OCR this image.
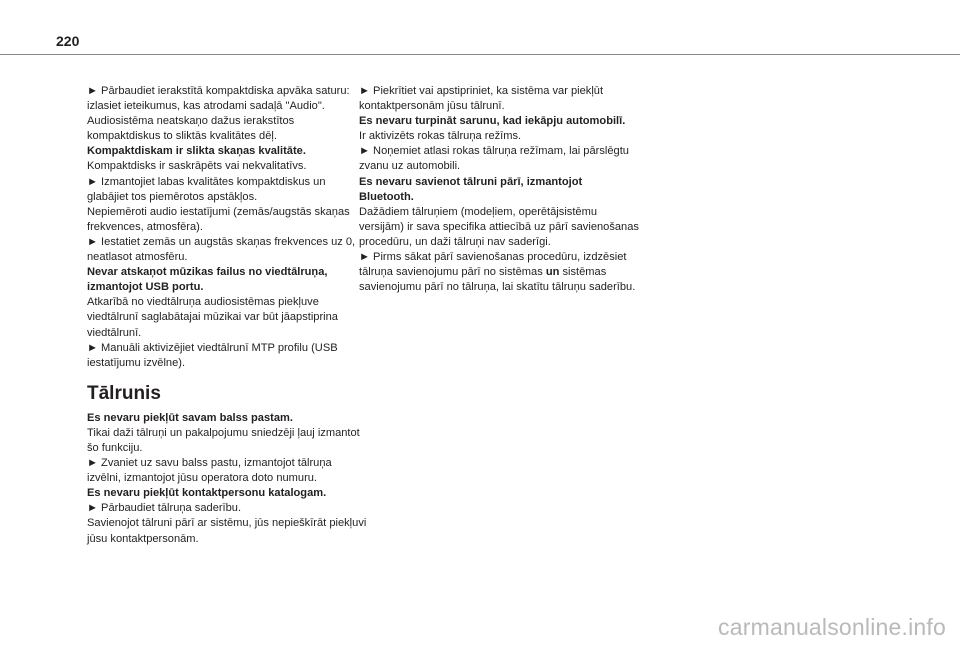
220

► Pārbaudiet ierakstītā kompaktdiska apvāka saturu: izlasiet ieteikumus, kas atrodami sadaļā "Audio".

Audiosistēma neatskaņo dažus ierakstītos kompaktdiskus to sliktās kvalitātes dēļ.

Kompaktdiskam ir slikta skaņas kvalitāte.

Kompaktdisks ir saskrāpēts vai nekvalitatīvs.

► Izmantojiet labas kvalitātes kompaktdiskus un glabājiet tos piemērotos apstākļos.

Nepiemēroti audio iestatījumi (zemās/augstās skaņas frekvences, atmosfēra).

► Iestatiet zemās un augstās skaņas frekvences uz 0, neatlasot atmosfēru.

Nevar atskaņot mūzikas failus no viedtālruņa, izmantojot USB portu.

Atkarībā no viedtālruņa audiosistēmas piekļuve viedtālrunī saglabātajai mūzikai var būt jāapstiprina viedtālrunī.

► Manuāli aktivizējiet viedtālrunī MTP profilu (USB iestatījumu izvēlne).

Tālrunis

Es nevaru piekļūt savam balss pastam.

Tikai daži tālruņi un pakalpojumu sniedzēji ļauj izmantot šo funkciju.

► Zvaniet uz savu balss pastu, izmantojot tālruņa izvēlni, izmantojot jūsu operatora doto numuru.

Es nevaru piekļūt kontaktpersonu katalogam.

► Pārbaudiet tālruņa saderību.

Savienojot tālruni pārī ar sistēmu, jūs nepieškīrāt piekļuvi jūsu kontaktpersonām.

► Piekrītiet vai apstipriniet, ka sistēma var piekļūt kontaktpersonām jūsu tālrunī.

Es nevaru turpināt sarunu, kad iekāpju automobilī.

Ir aktivizēts rokas tālruņa režīms.

► Noņemiet atlasi rokas tālruņa režīmam, lai pārslēgtu zvanu uz automobili.

Es nevaru savienot tālruni pārī, izmantojot Bluetooth.

Dažādiem tālruņiem (modeļiem, operētājsistēmu versijām) ir sava specifika attiecībā uz pārī savienošanas procedūru, un daži tālruņi nav saderīgi.

► Pirms sākat pārī savienošanas procedūru, izdzēsiet tālruņa savienojumu pārī no sistēmas un sistēmas savienojumu pārī no tālruņa, lai skatītu tālruņu saderību.

carmanualsonline.info
